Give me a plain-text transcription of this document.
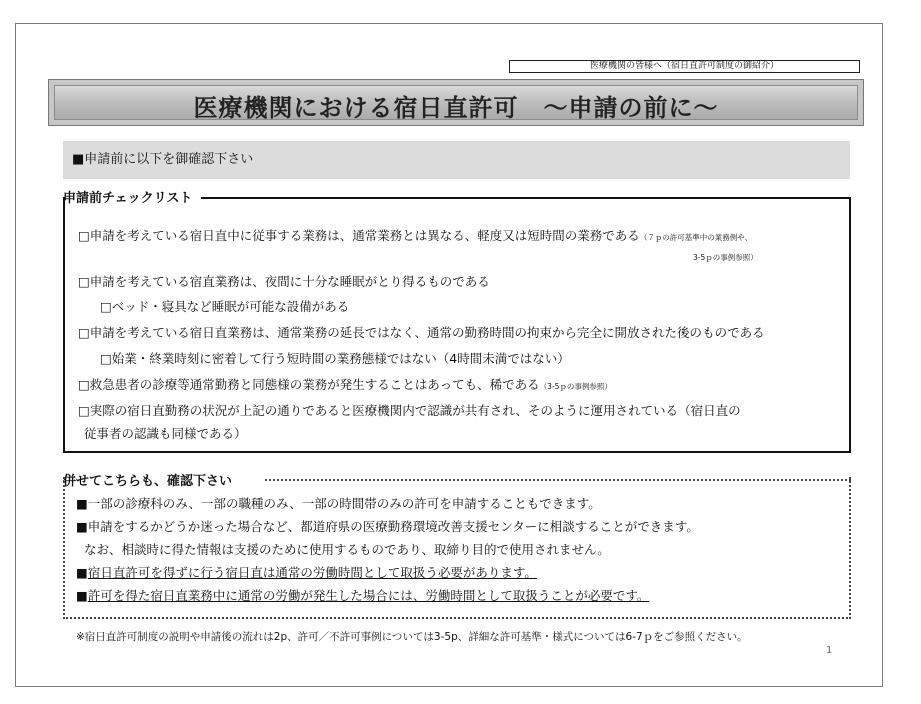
医療機関の皆様へ（宿日直許可制度の御紹介）
医療機関における宿日直許可　～申請の前に～
■申請前に以下を御確認下さい
申請前チェックリスト
□申請を考えている宿日直中に従事する業務は、通常業務とは異なる、軽度又は短時間の業務である（７ｐの許可基準中の業務例や、
3-5ｐの事例参照）
□申請を考えている宿直業務は、夜間に十分な睡眠がとり得るものである
□ベッド・寝具など睡眠が可能な設備がある
□申請を考えている宿日直業務は、通常業務の延長ではなく、通常の勤務時間の拘束から完全に開放された後のものである
□始業・終業時刻に密着して行う短時間の業務態様ではない（4時間未満ではない）
□救急患者の診療等通常勤務と同態様の業務が発生することはあっても、稀である（3-5ｐの事例参照）
□実際の宿日直勤務の状況が上記の通りであると医療機関内で認識が共有され、そのように運用されている（宿日直の
従事者の認識も同様である）
併せてこちらも、確認下さい
■一部の診療科のみ、一部の職種のみ、一部の時間帯のみの許可を申請することもできます。
■申請をするかどうか迷った場合など、都道府県の医療勤務環境改善支援センターに相談することができます。
なお、相談時に得た情報は支援のために使用するものであり、取締り目的で使用されません。
■宿日直許可を得ずに行う宿日直は通常の労働時間として取扱う必要があります。
■許可を得た宿日直業務中に通常の労働が発生した場合には、労働時間として取扱うことが必要です。
※宿日直許可制度の説明や申請後の流れは2p、許可／不許可事例については3-5p、詳細な許可基準・様式については6-7ｐをご参照ください。
1
